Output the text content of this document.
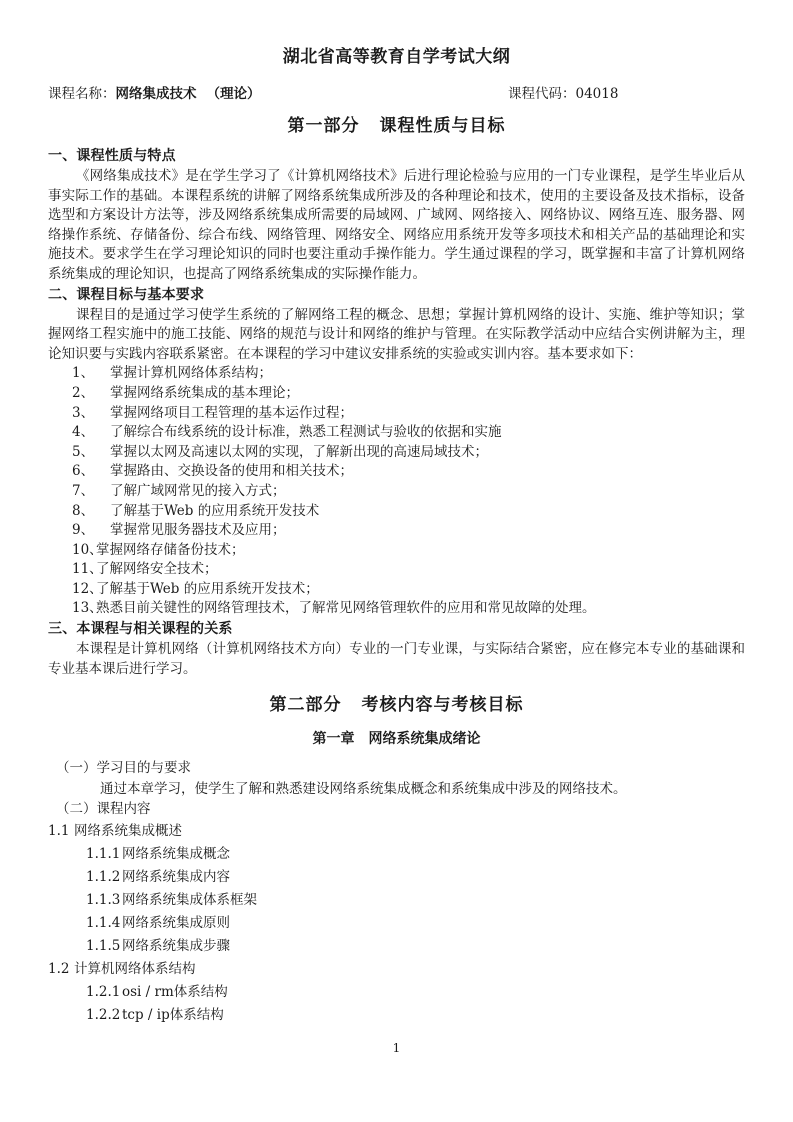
湖北省高等教育自学考试大纲
课程名称：网络集成技术 （理论）	课程代码：04018
第一部分 课程性质与目标
一、课程性质与特点

《网络集成技术》是在学生学习了《计算机网络技术》后进行理论检验与应用的一门专业课程，是学生毕业后从事实际工作的基础。本课程系统的讲解了网络系统集成所涉及的各种理论和技术，使用的主要设备及技术指标，设备选型和方案设计方法等，涉及网络系统集成所需要的局域网、广域网、网络接入、网络协议、网络互连、服务器、网络操作系统、存储备份、综合布线、网络管理、网络安全、网络应用系统开发等多项技术和相关产品的基础理论和实施技术。要求学生在学习理论知识的同时也要注重动手操作能力。学生通过课程的学习，既掌握和丰富了计算机网络系统集成的理论知识，也提高了网络系统集成的实际操作能力。

二、课程目标与基本要求

课程目的是通过学习使学生系统的了解网络工程的概念、思想；掌握计算机网络的设计、实施、维护等知识；掌握网络工程实施中的施工技能、网络的规范与设计和网络的维护与管理。在实际教学活动中应结合实例讲解为主，理论知识要与实践内容联系紧密。在本课程的学习中建议安排系统的实验或实训内容。基本要求如下：

1、	掌握计算机网络体系结构；
2、	掌握网络系统集成的基本理论；
3、	掌握网络项目工程管理的基本运作过程；
4、	了解综合布线系统的设计标准，熟悉工程测试与验收的依据和实施
5、	掌握以太网及高速以太网的实现，了解新出现的高速局域技术；
6、	掌握路由、交换设备的使用和相关技术；
7、	了解广域网常见的接入方式；
8、	了解基于Web 的应用系统开发技术
9、	掌握常见服务器技术及应用；
10、
掌握网络存储备份技术；
11、
了解网络安全技术；
12、
了解基于Web 的应用系统开发技术；
13、
熟悉目前关键性的网络管理技术，了解常见网络管理软件的应用和常见故障的处理。
三、本课程与相关课程的关系

本课程是计算机网络（计算机网络技术方向）专业的一门专业课，与实际结合紧密，应在修完本专业的基础课和专业基本课后进行学习。

第二部分 考核内容与考核目标
第一章 网络系统集成绪论
（一）学习目的与要求
通过本章学习，使学生了解和熟悉建设网络系统集成概念和系统集成中涉及的网络技术。
（二）课程内容
1.1 网络系统集成概述
1.1.1 网络系统集成概念
1.1.2 网络系统集成内容
1.1.3 网络系统集成体系框架
1.1.4 网络系统集成原则
1.1.5 网络系统集成步骤
1.2 计算机网络体系结构
1.2.1 osi / rm体系结构
1.2.2 tcp / ip体系结构
1
